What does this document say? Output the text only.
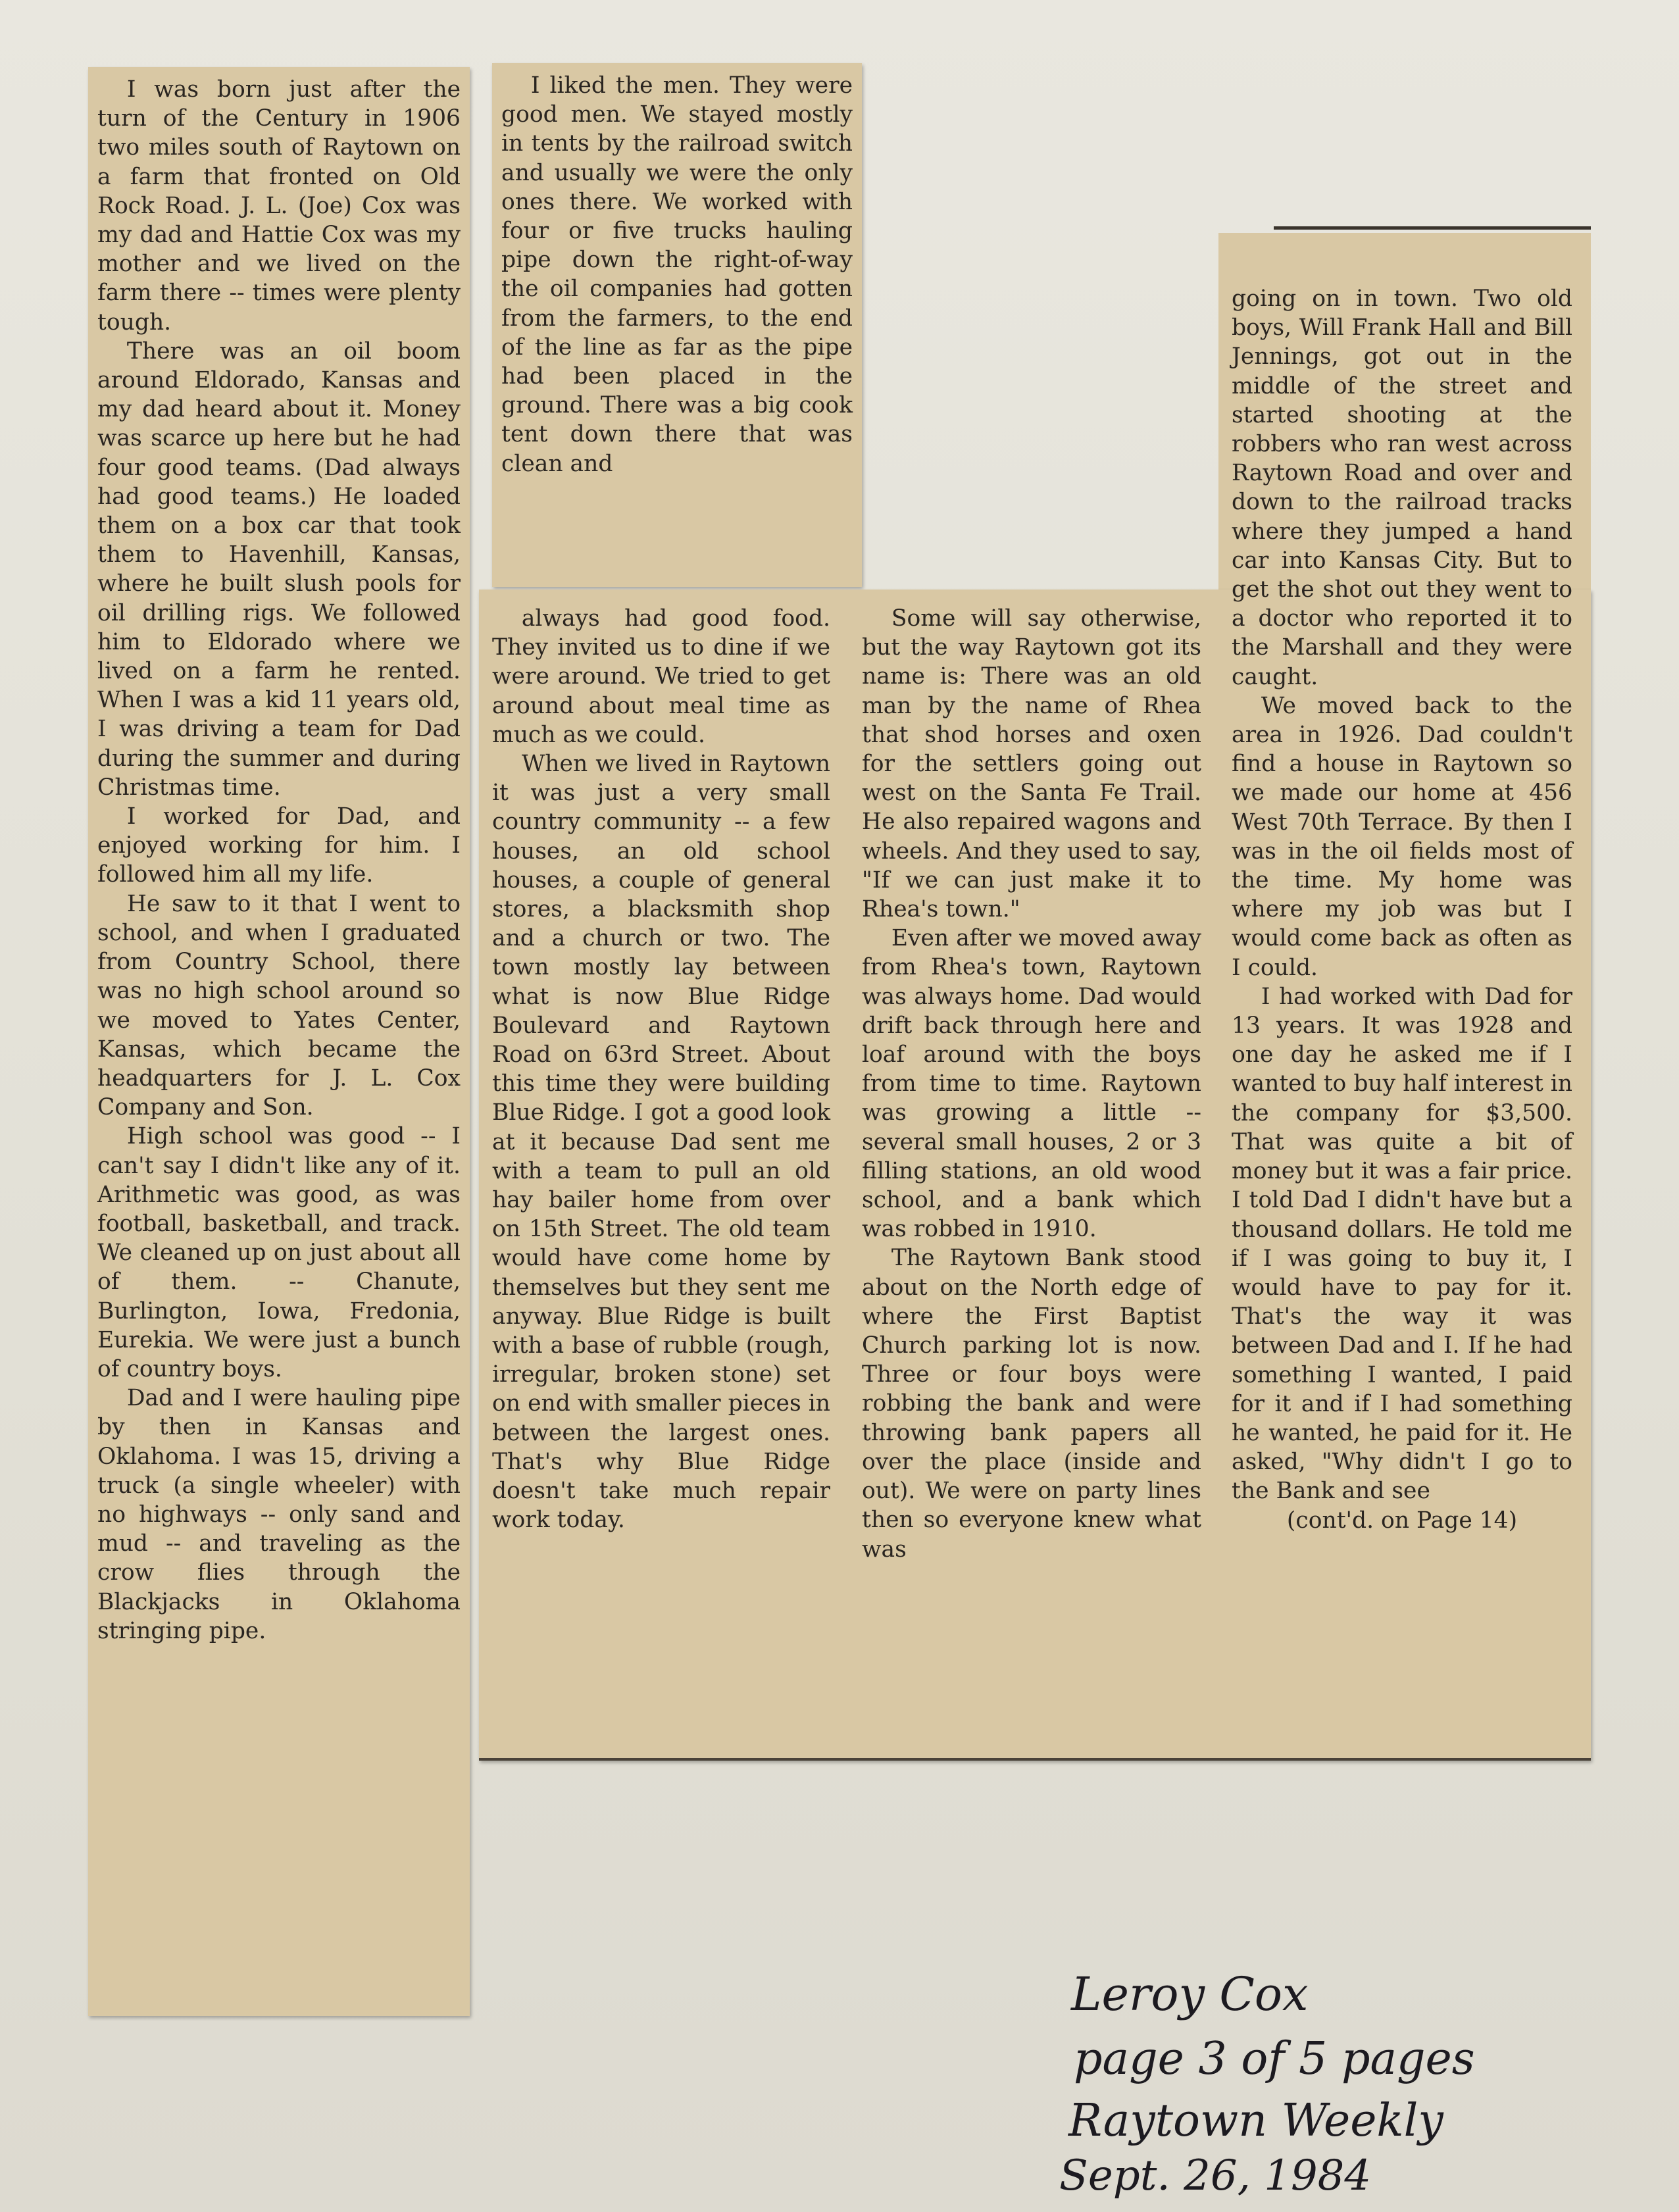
I was born just after the turn of the Century in 1906 two miles south of Raytown on a farm that fronted on Old Rock Road. J. L. (Joe) Cox was my dad and Hattie Cox was my mother and we lived on the farm there -- times were plenty tough.

There was an oil boom around Eldorado, Kansas and my dad heard about it. Money was scarce up here but he had four good teams. (Dad always had good teams.) He loaded them on a box car that took them to Havenhill, Kansas, where he built slush pools for oil drilling rigs. We followed him to Eldorado where we lived on a farm he rented. When I was a kid 11 years old, I was driving a team for Dad during the summer and during Christmas time.

I worked for Dad, and enjoyed working for him. I followed him all my life.

He saw to it that I went to school, and when I graduated from Country School, there was no high school around so we moved to Yates Center, Kansas, which became the headquarters for J. L. Cox Company and Son.

High school was good -- I can't say I didn't like any of it. Arithmetic was good, as was football, basketball, and track. We cleaned up on just about all of them. -- Chanute, Burlington, Iowa, Fredonia, Eurekia. We were just a bunch of country boys.

Dad and I were hauling pipe by then in Kansas and Oklahoma. I was 15, driving a truck (a single wheeler) with no highways -- only sand and mud -- and traveling as the crow flies through the Blackjacks in Oklahoma stringing pipe.

I liked the men. They were good men. We stayed mostly in tents by the railroad switch and usually we were the only ones there. We worked with four or five trucks hauling pipe down the right-of-way the oil companies had gotten from the farmers, to the end of the line as far as the pipe had been placed in the ground. There was a big cook tent down there that was clean and

always had good food. They invited us to dine if we were around. We tried to get around about meal time as much as we could.

When we lived in Raytown it was just a very small country community -- a few houses, an old school houses, a couple of general stores, a blacksmith shop and a church or two. The town mostly lay between what is now Blue Ridge Boulevard and Raytown Road on 63rd Street. About this time they were building Blue Ridge. I got a good look at it because Dad sent me with a team to pull an old hay bailer home from over on 15th Street. The old team would have come home by themselves but they sent me anyway. Blue Ridge is built with a base of rubble (rough, irregular, broken stone) set on end with smaller pieces in between the largest ones. That's why Blue Ridge doesn't take much repair work today.

Some will say otherwise, but the way Raytown got its name is: There was an old man by the name of Rhea that shod horses and oxen for the settlers going out west on the Santa Fe Trail. He also repaired wagons and wheels. And they used to say, "If we can just make it to Rhea's town."

Even after we moved away from Rhea's town, Raytown was always home. Dad would drift back through here and loaf around with the boys from time to time. Raytown was growing a little -- several small houses, 2 or 3 filling stations, an old wood school, and a bank which was robbed in 1910.

The Raytown Bank stood about on the North edge of where the First Baptist Church parking lot is now. Three or four boys were robbing the bank and were throwing bank papers all over the place (inside and out). We were on party lines then so everyone knew what was

going on in town. Two old boys, Will Frank Hall and Bill Jennings, got out in the middle of the street and started shooting at the robbers who ran west across Raytown Road and over and down to the railroad tracks where they jumped a hand car into Kansas City. But to get the shot out they went to a doctor who reported it to the Marshall and they were caught.

We moved back to the area in 1926. Dad couldn't find a house in Raytown so we made our home at 456 West 70th Terrace. By then I was in the oil fields most of the time. My home was where my job was but I would come back as often as I could.

I had worked with Dad for 13 years. It was 1928 and one day he asked me if I wanted to buy half interest in the company for $3,500. That was quite a bit of money but it was a fair price. I told Dad I didn't have but a thousand dollars. He told me if I was going to buy it, I would have to pay for it. That's the way it was between Dad and I. If he had something I wanted, I paid for it and if I had something he wanted, he paid for it. He asked, "Why didn't I go to the Bank and see

(cont'd. on Page 14)

Leroy Cox
page 3 of 5 pages
Raytown Weekly
Sept. 26, 1984
